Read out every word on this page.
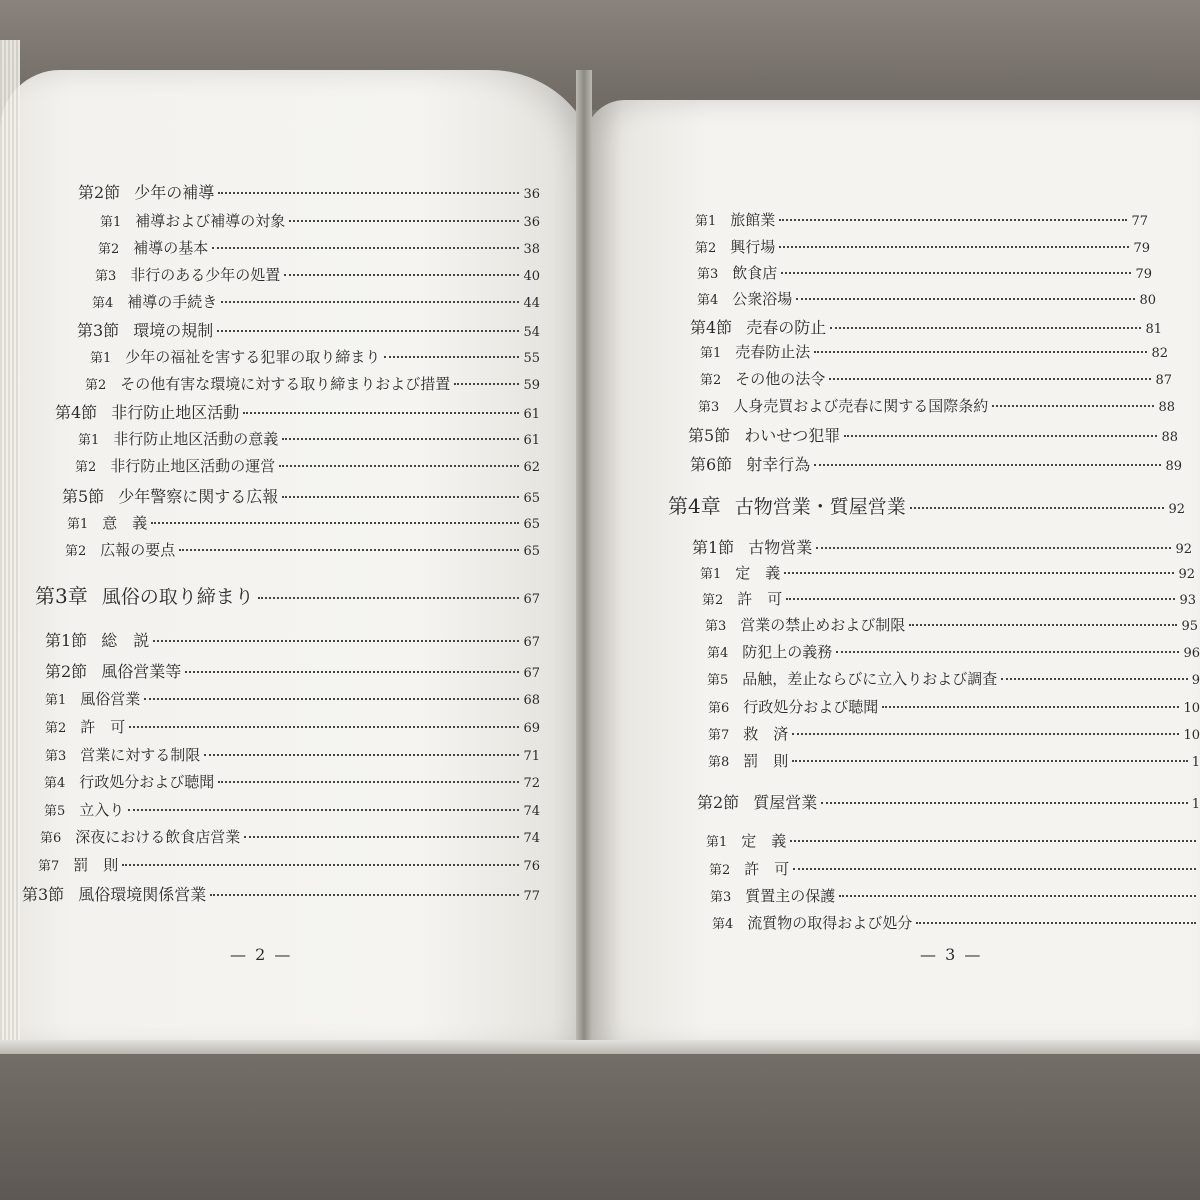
第2節 少年の補導	36
第1 補導および補導の対象	36
第2 補導の基本	38
第3 非行のある少年の処置	40
第4 補導の手続き	44
第3節 環境の規制	54
第1 少年の福祉を害する犯罪の取り締まり	55
第2 その他有害な環境に対する取り締まりおよび措置	59
第4節 非行防止地区活動	61
第1 非行防止地区活動の意義	61
第2 非行防止地区活動の運営	62
第5節 少年警察に関する広報	65
第1 意　義	65
第2 広報の要点	65
第3章 風俗の取り締まり	67
第1節 総　説	67
第2節 風俗営業等	67
第1 風俗営業	68
第2 許　可	69
第3 営業に対する制限	71
第4 行政処分および聴聞	72
第5 立入り	74
第6 深夜における飲食店営業	74
第7 罰　則	76
第3節 風俗環境関係営業	77
第1 旅館業	77
第2 興行場	79
第3 飲食店	79
第4 公衆浴場	80
第4節 売春の防止	81
第1 売春防止法	82
第2 その他の法令	87
第3 人身売買および売春に関する国際条約	88
第5節 わいせつ犯罪	88
第6節 射幸行為	89
第4章 古物営業・質屋営業	92
第1節 古物営業	92
第1 定　義	92
第2 許　可	93
第3 営業の禁止めおよび制限	95
第4 防犯上の義務	96
第5 品触，差止ならびに立入りおよび調査	9
第6 行政処分および聴聞	10
第7 救　済	10
第8 罰　則	1
第2節 質屋営業	1
第1 定　義
第2 許　可
第3 質置主の保護
第4 流質物の取得および処分
— 2 —	— 3 —
